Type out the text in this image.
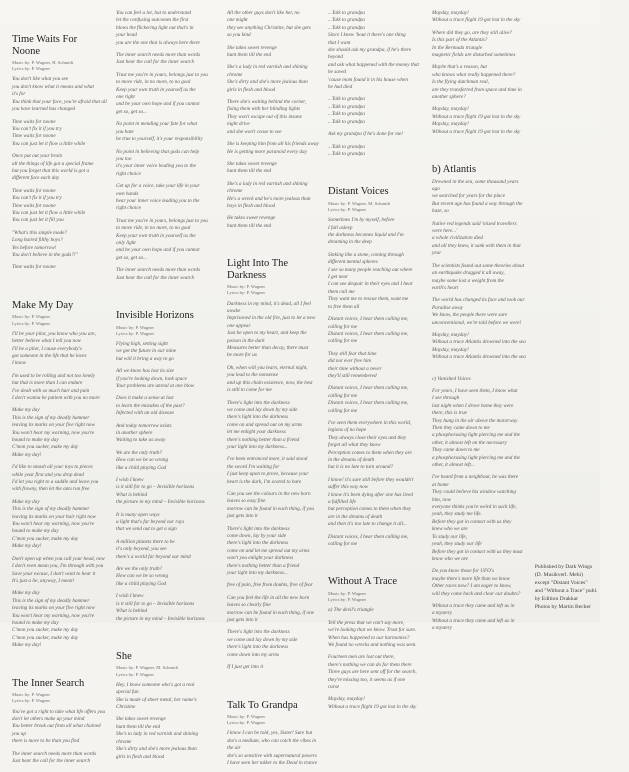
Time Waits For Noone
Music by: P. Wagner, H. Schmidt
Lyrics by: P. Wagner
You don't like what you see
you don't know what it means and what
it's for
You think that your face, you're afraid that all
you have learned has changed
Time waits for noone
You can't fix it if you try
Time waits for noone
You can just let it flow a little while
Once put out your brain
all the things of life got a special frame
but you forget that this world is got a
different face each day
Time waits for noone
You can't fix it if you try
Time waits for noone
You can just let it flow a little while
You can just let it fill you
"What's this simple mode?
Long haired filthy boys?
Yes before tomorrow!
You don't believe in the gods?!"
Time waits for noone
Make My Day
Music by: P. Wagner
Lyrics by: P. Wagner
I'll be your pilot, you know who you are,
better believe what I tell you now
I'll be a pilot, I cause everybody's
got someone in the life that he loves
I know
I'm used to be rolling and not too lonely
but that is more than I can endure
I've dealt with so much hurt and pain
I don't wanna be patient with you no more
Make my day
This is the sign of my deadly hammer
leaving its marks on your five right now
You won't hear my warning, now you're
bound to make my day
C'mon you sucker, make my day
Make my day!
I'd like to smash all your toys to pieces
while your first and you drop dead
I'd let you right to a saddle and leave you
with frowny, then let the ants run free
Make my day
This is the sign of my deadly hammer
leaving its marks on your hair right now
You won't hear my warning, now you're
bound to make my day
C'mon you sucker, make my day
Make my day!
Don't open up when you call your head, now
I don't even mean you, I'm through with you
Save your excuse, I don't want to hear it
It's just a lie, anyway, I mean!
Make my day
This is the sign of my deadly hammer
leaving its marks on your five right now
You won't hear my warning, now you're
bound to make my day
C'mon you sucker, make my day
C'mon you sucker, make my day
Make my day!
The Inner Search
Music by: P. Wagner
Lyrics by: P. Wagner
You've got a right to take what life offers you
don't let others make up your mind
You better break out from all what chained
you up
there is more to be than you find
The inner search needs more than words
Just hear the call for the inner search
You can feel a lot, but to understand
let the confusing outcomes the first
blows the flickering light out that's in
your head
you are the one that is always here there
The inner search needs more than words
Just hear the call for the inner search
Trust me you're in yours, belongs just to you
to move ride, in no more, to no goal
Keep your own truth in yourself as the
one right
and be your own hope and if you cannot
get so, get so...
No point in mending your fate for what
you hate
be true to yourself, it's your responsibility
No point in believing that gods can help
you too
it's your inner voice leading you to the
right choice
Get up for a voice, take your life in your
own hands
hear your inner voice leading you to the
right choice
Trust me you're in yours, belongs just to you
to move ride, in no more, to no goal
Keep your own truth in yourself as the
only light
and be your own hope and if you cannot
get so, get so...
The inner search needs more than words
Just hear the call for the inner search
Invisible Horizons
Music by: P. Wagner
Lyrics by: P. Wagner
Flying high, setting sight
we got the future in our mine
but will it bring a way to go
All we know has lost its size
if you're looking down, look space
Your problems are unreal at one blow
Does it make a sense at last
to learn the mistakes of the past?
Infected with an old disease
And today tomorrow exists
in another sphere
Waiting to take us away
We are the only truth?
How can we be so wrong
like a child playing God
I wish I knew
is it still for to go – Invisible horizons
What is behind
the picture in my mind – Invisible horizons
It is many open ways
a light that's far beyond our rays
that we send out to get a sign
A million planets there to be
it's only beyond, you see
there's a world far beyond our mind
Are we the only truth?
How can we be so wrong
like a child playing God
I wish I knew
is it still for to go – Invisible horizons
What is behind
the picture in my mind – Invisible horizons
She
Music by: P. Wagner, M. Schmidt
Lyrics by: P. Wagner
Hey, I know someone who's got a real
special fun
She is made of sheer metal, her name's
Christine
She takes sweet revenge
hunt them till the end
She's to lady in red varnish and shining
chrome
She's dirty and she's more jealous than
girls in flesh and blood
All the other guys don't like her, no
one might
they see anything Christine, but she gets
so you kind
She takes sweet revenge
hunt them till the end
She's a lady in red varnish and shining
chrome
She's dirty and she's more jealous than
girls in flesh and blood
There she's waiting behind the corner,
fixing them with her blinding lights
They won't escape out of this insane
night drive
and she won't cease to see
She is keeping him from all his friends away
He is getting more paranoid every day
She takes sweet revenge
hunt them till the end
She's a lady in red varnish and shining
chrome
He's a wreck and he's more jealous than
boys in flesh and blood
He takes sweet revenge
hunt them till the end
Light Into The Darkness
Music by: P. Wagner
Lyrics by: P. Wagner
Darkness in my mind, it's dead, all I feel
awake
Imprisoned in the old fire, just to let a new
one appear
Just be open to my heart, and keep the
poison in the dark
Measures better than decay, there must
be more for us
Oh, when will you learn, eternal night,
you lead to the nonsense
and up this chain existence, now, the best
is still to come for me
There's light into the darkness
we come and lay down by my side
there's light into the darkness
come on and spread out on my arms
let me enlight your darkness
there's nothing better than a friend
your light into my darkness...
I've been entranced more, it said stood
the sword I'm waiting for
I just keep upon to prove, because your
heart is the dark, I'm scared to bare
Can you see the colours in the new born
leaves so easy fine
morrow can be found in each thing, if you
just gets into it
There's light into the darkness
come down, lay by your side
there's light into the darkness
come on and let me spread out my arms
won't you enlight your darkness
there's nothing better than a friend
your light into my darkness...
free of pain, free from doubts, free of fear
Can you feel the life in all the new born
leaves so clearly fine
morrow can be found in each thing, if one
just gets into it
There's light into the darkness
we come and lay down by my side
there's light into the darkness
come down into my arms
If I just get into it
Talk To Grandpa
Music by: P. Wagner
Lyrics by: P. Wagner
I know I can be told, yes, Sister! Sure but
she's a medium, who can catch the vibes in
the air
she's so sensitive with supernatural powers
I have seen her talker to the Dead in trance
...Talk to grandpa
...Talk to grandpa
...Talk to grandpa
Since I knew 'bout it there's one thing
that I want
she should ask my grandpa, if he's there
beyond
and ask what happened with the money that
he saved
'cause mom found it in his house when
he had died
...Talk to grandpa
...Talk to grandpa
...Talk to grandpa
...Talk to grandpa
Ask my grandpa if he's done for me!
...Talk to grandpa
...Talk to grandpa
Distant Voices
Music by: P. Wagner, M. Schmidt
Lyrics by: P. Wagner
Sometimes I'm by myself, before
I fall asleep
the darkness becomes liquid and I'm
dreaming in the deep
Sinking like a stone, coming through
different mental spheres
I see so many people reaching out where
I get near
I can see despair in their eyes and I hear
them call me
They want me to rescue them, want me
to free them all
Distant voices, I hear them calling me,
calling for me
Distant voices, I hear them calling me,
calling for me
They still fear that time
did not ever free him
their time without a never
they'll still remembered
Distant voices, I hear them calling me,
calling for me
Distant voices, I hear them calling me,
calling for me
I've seen them everywhere in this world,
legions of no hope
They always close their eyes and they
forget all what they know
Perception comes to them when they are
in the dreams of death
but it is no late to turn around?
I know! it's sure still before they wouldn't
suffer this way now
I know it's been dying after one has lived
a fulfilled life
but perception comes to them when they
are in the dreams of death
and then it's too late to change it all...
Distant voices, I hear them calling me,
calling for me
Without A Trace
Music by: P. Wagner
Lyrics by: P. Wagner
a) The devil's triangle
Tell the press that we can't say more,
we're looking that we know. Trust for sure.
When has happened to our harmonies?
We found no wrecks and nothing was seen.
Fourteen men are lost out there,
there's nothing we can do for them there
Three guys are here sent off for the search,
they're missing too, it seems as if one
curse
Mayday, mayday!
Without a trace flight 19 got lost in the sky
Mayday, mayday!
Without a trace flight 19 got lost in the sky
Where did they go, are they still alive?
Is this part of the Atlantis?
In the Bermuda triangle
magnetic fields are disturbed sometimes
Maybe that's a reason, but
who knows what really happened there?
Is the flying dutchman real,
are they transferred from space and time in
another sphere?
Mayday, mayday!
Without a trace flight 19 got lost in the sky
Mayday, mayday!
Without a trace flight 19 got lost in the sky
b) Atlantis
Drowned in the sea, some thousand years
ago
we searched for years for the place
But recent age has found a way through the
haze, so
Native red legends said 'mixed travellers
were here...'
a whole civilization died
and all they knew, it sank with them in that
year
The scientists found out some theories about
an earthquake dragged it all away,
maybe some lost a weight from the
earth's heart
The world has changed its face and took our
Paradise away
We know, the people there were sure
unconventional, we're told before we were!
Mayday, mayday!
Without a trace Atlantis drowned into the sea
Mayday, mayday!
Without a trace Atlantis drowned into the sea
c) Vanished Voices
For years, I have seen them, I know what
I see through
last night when I drove home they were
there, this is true
They hung in the air above the motorway
Then they came down to me
a phosphorusing light piercing me and the
other, it almost left on the necessary
They came down to me
a phosphorusing light piercing me and the
other, it almost left...
I've heard from a neighbour, he was there
at home
They could believe his window watching
him, now
everyone thinks you're weird in such life,
yeah, they study me life.
Before they got in contact with us they
knew who we are
To study our life,
yeah, they study our life
Before they got in contact with us they must
know who we are
Do you know those for UFO's
maybe there's more life than we know
Other races now? I am eager to know,
will they come back and clear our doubts?
Without a trace they came and left us in
a mystery
Without a trace they came and left us in
a mystery
Published by Dark Wings
(D. Musikverl. Mehi)
except "Distant Voices"
and "Without a Trace" publ.
by Edition Drakkar
Photos by Martin Becker
